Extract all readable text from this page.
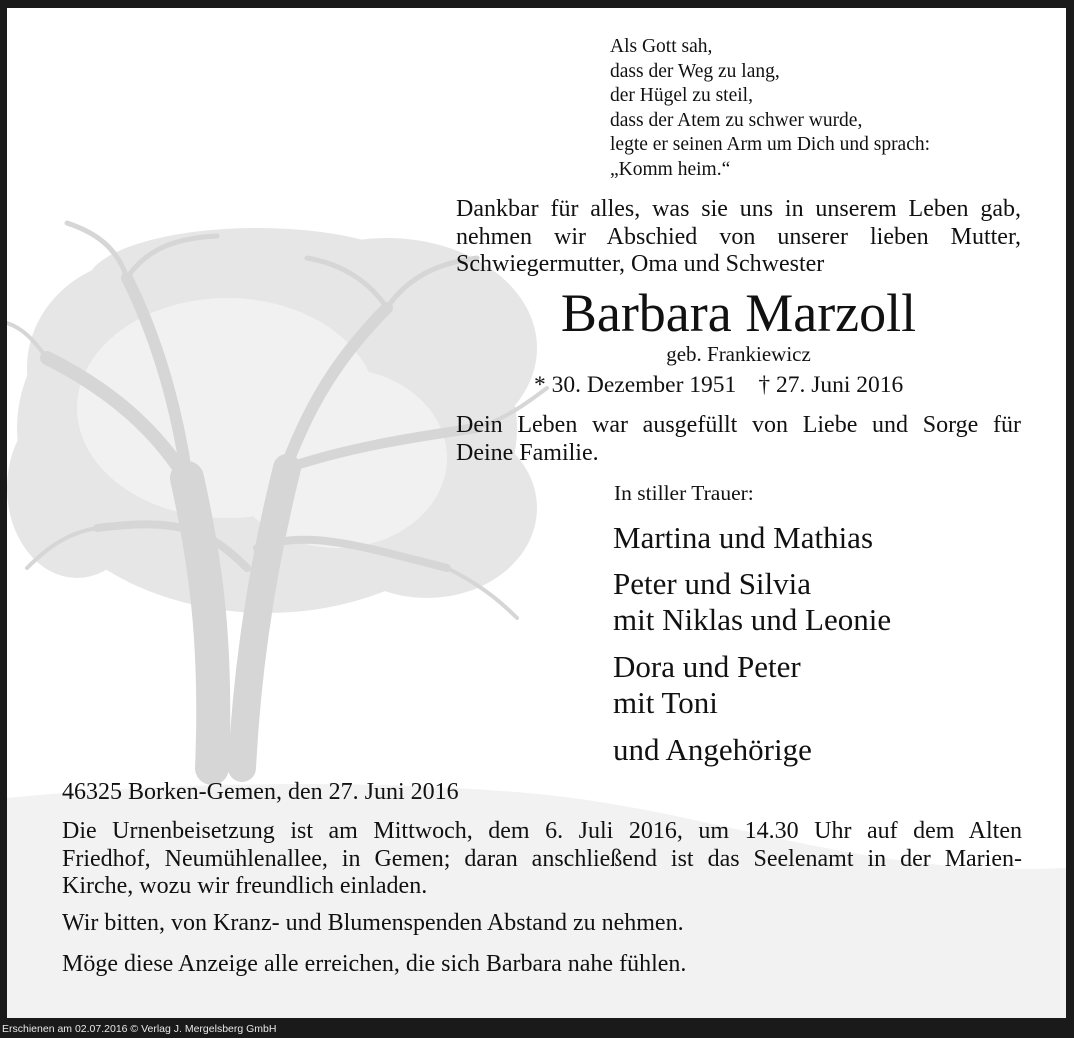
Als Gott sah,
dass der Weg zu lang,
der Hügel zu steil,
dass der Atem zu schwer wurde,
legte er seinen Arm um Dich und sprach:
„Komm heim.“
Dankbar für alles, was sie uns in unserem Leben gab,
nehmen wir Abschied von unserer lieben Mutter,
Schwiegermutter, Oma und Schwester
Barbara Marzoll
geb. Frankiewicz
* 30. Dezember 1951 † 27. Juni 2016
Dein Leben war ausgefüllt von Liebe und Sorge für
Deine Familie.
In stiller Trauer:
Martina und Mathias
Peter und Silvia
mit Niklas und Leonie
Dora und Peter
mit Toni
und Angehörige
46325 Borken-Gemen, den 27. Juni 2016
Die Urnenbeisetzung ist am Mittwoch, dem 6. Juli 2016, um 14.30 Uhr auf dem Alten
Friedhof, Neumühlenallee, in Gemen; daran anschließend ist das Seelenamt in der Marien-
Kirche, wozu wir freundlich einladen.
Wir bitten, von Kranz- und Blumenspenden Abstand zu nehmen.
Möge diese Anzeige alle erreichen, die sich Barbara nahe fühlen.
Erschienen am 02.07.2016 © Verlag J. Mergelsberg GmbH
